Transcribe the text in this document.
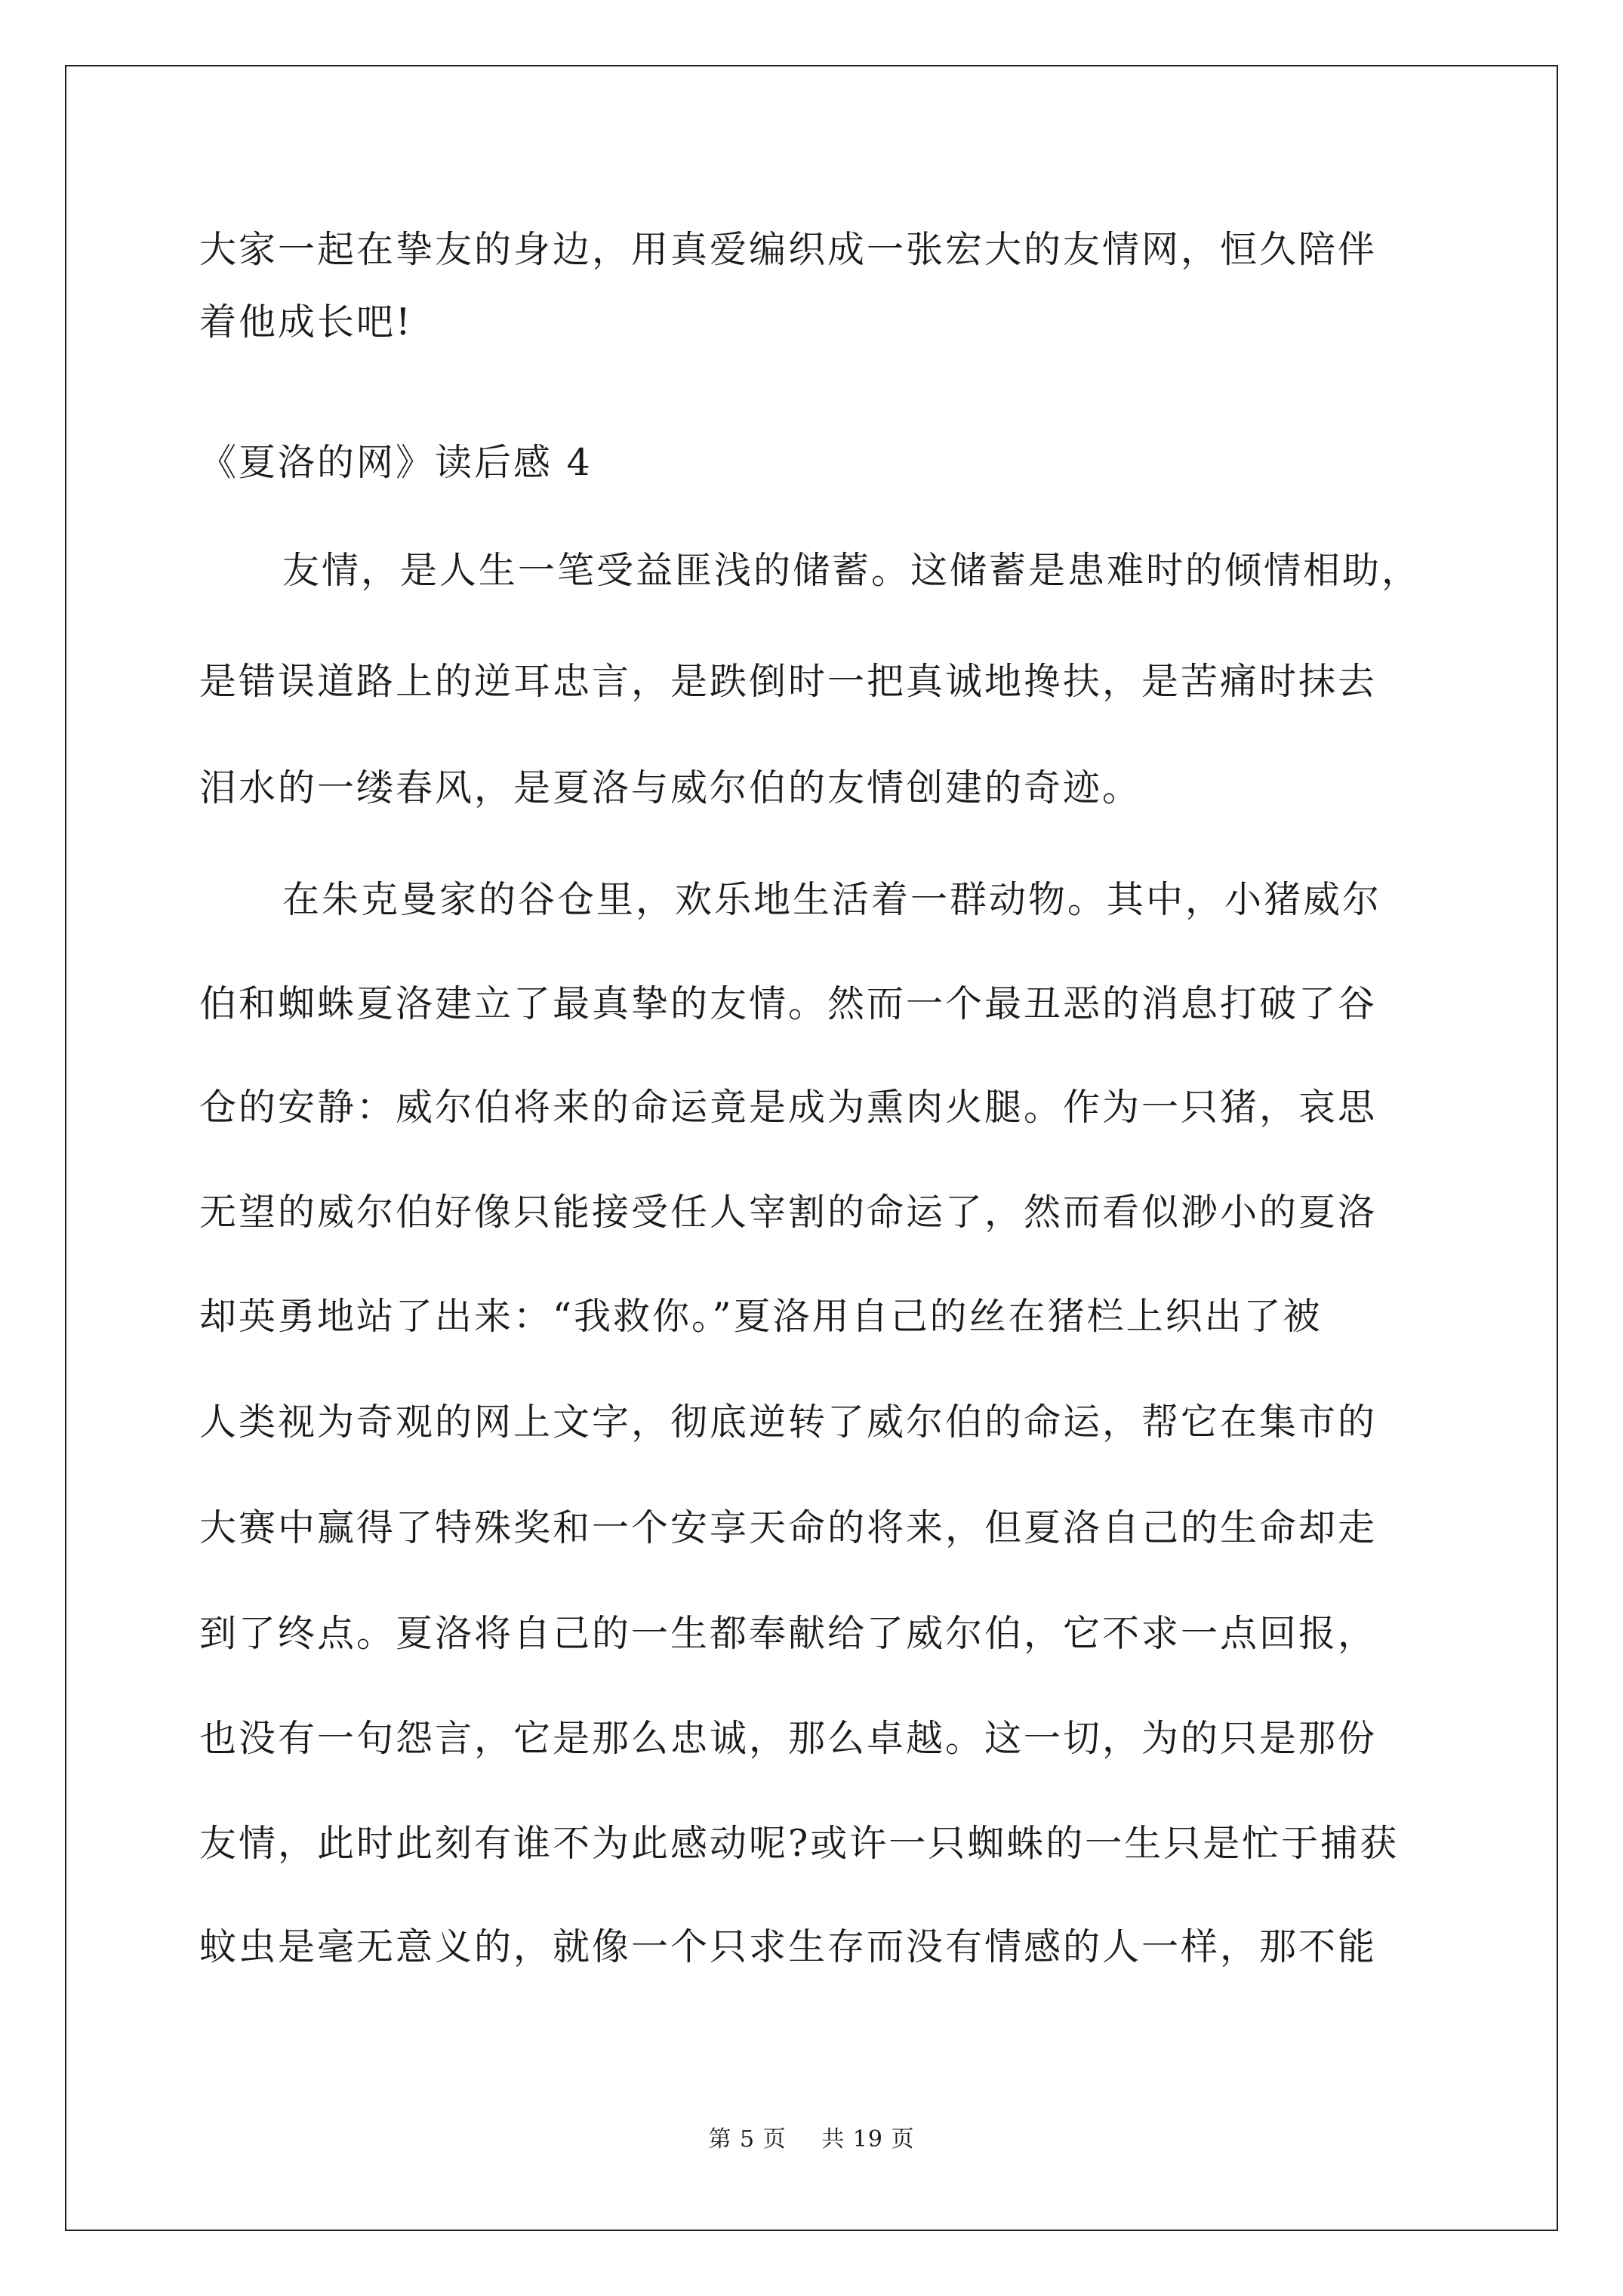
大家一起在挚友的身边，用真爱编织成一张宏大的友情网，恒久陪伴
着他成长吧!
《夏洛的网》读后感 4
友情，是人生一笔受益匪浅的储蓄。这储蓄是患难时的倾情相助，
是错误道路上的逆耳忠言，是跌倒时一把真诚地搀扶，是苦痛时抹去
泪水的一缕春风，是夏洛与威尔伯的友情创建的奇迹。
在朱克曼家的谷仓里，欢乐地生活着一群动物。其中，小猪威尔
伯和蜘蛛夏洛建立了最真挚的友情。然而一个最丑恶的消息打破了谷
仓的安静：威尔伯将来的命运竟是成为熏肉火腿。作为一只猪，哀思
无望的威尔伯好像只能接受任人宰割的命运了，然而看似渺小的夏洛
却英勇地站了出来：“我救你。”夏洛用自己的丝在猪栏上织出了被
人类视为奇观的网上文字，彻底逆转了威尔伯的命运，帮它在集市的
大赛中赢得了特殊奖和一个安享天命的将来，但夏洛自己的生命却走
到了终点。夏洛将自己的一生都奉献给了威尔伯，它不求一点回报，
也没有一句怨言，它是那么忠诚，那么卓越。这一切，为的只是那份
友情，此时此刻有谁不为此感动呢?或许一只蜘蛛的一生只是忙于捕获
蚊虫是毫无意义的，就像一个只求生存而没有情感的人一样，那不能
第 5 页 共 19 页
